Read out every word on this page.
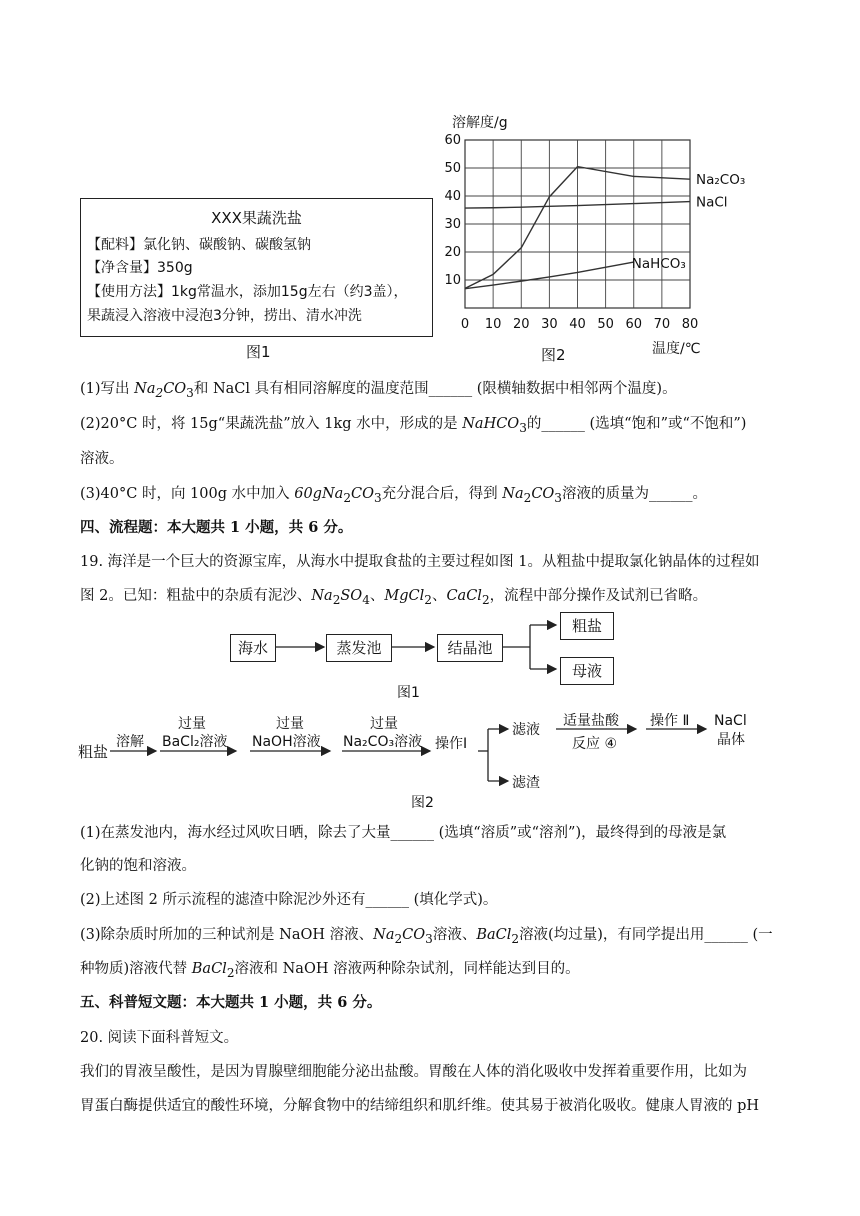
XXX果蔬洗盐
【配料】氯化钠、碳酸钠、碳酸氢钠
【净含量】350g
【使用方法】1kg常温水，添加15g左右（约3盖），
果蔬浸入溶液中浸泡3分钟，捞出、清水冲洗
图1
0 10 20 30 40 50 60 70 80
10
20
30
40
50
60
Na₂CO₃
NaCl
NaHCO₃
溶解度/g
温度/℃
图2
(1)写出 $Na_2CO_3$和 NaCl 具有相同溶解度的温度范围______ (限横轴数据中相邻两个温度)。
(2)20°C 时，将 15g“果蔬洗盐”放入 1kg 水中，形成的是 NaHCO$_3$的______ (选填“饱和”或“不饱和”)
溶液。
(3)40°C 时，向 100g 水中加入 $60gNa_2CO_3$充分混合后，得到 $Na_2CO_3$溶液的质量为______。
四、流程题：本大题共 1 小题，共 6 分。
19. 海洋是一个巨大的资源宝库，从海水中提取食盐的主要过程如图 1。从粗盐中提取氯化钠晶体的过程如
图 2。已知：粗盐中的杂质有泥沙、$Na_2SO_4$、MgCl$_2$、CaCl$_2$，流程中部分操作及试剂已省略。
海水	蒸发池	结晶池
粗盐
母液
图1
粗盐
溶解
过量
BaCl₂溶液
过量
NaOH溶液
过量
Na₂CO₃溶液 操作Ⅰ
滤液
滤渣
适量盐酸
反应 ④
操作 Ⅱ NaCl
晶体
图2
(1)在蒸发池内，海水经过风吹日晒，除去了大量______ (选填“溶质”或“溶剂”)，最终得到的母液是氯
化钠的饱和溶液。
(2)上述图 2 所示流程的滤渣中除泥沙外还有______ (填化学式)。
(3)除杂质时所加的三种试剂是 NaOH 溶液、$Na_2CO_3$溶液、BaCl$_2$溶液(均过量)，有同学提出用______ (一
种物质)溶液代替 BaCl$_2$溶液和 NaOH 溶液两种除杂试剂，同样能达到目的。
五、科普短文题：本大题共 1 小题，共 6 分。
20. 阅读下面科普短文。
我们的胃液呈酸性，是因为胃腺壁细胞能分泌出盐酸。胃酸在人体的消化吸收中发挥着重要作用，比如为
胃蛋白酶提供适宜的酸性环境，分解食物中的结缔组织和肌纤维。使其易于被消化吸收。健康人胃液的 pH
